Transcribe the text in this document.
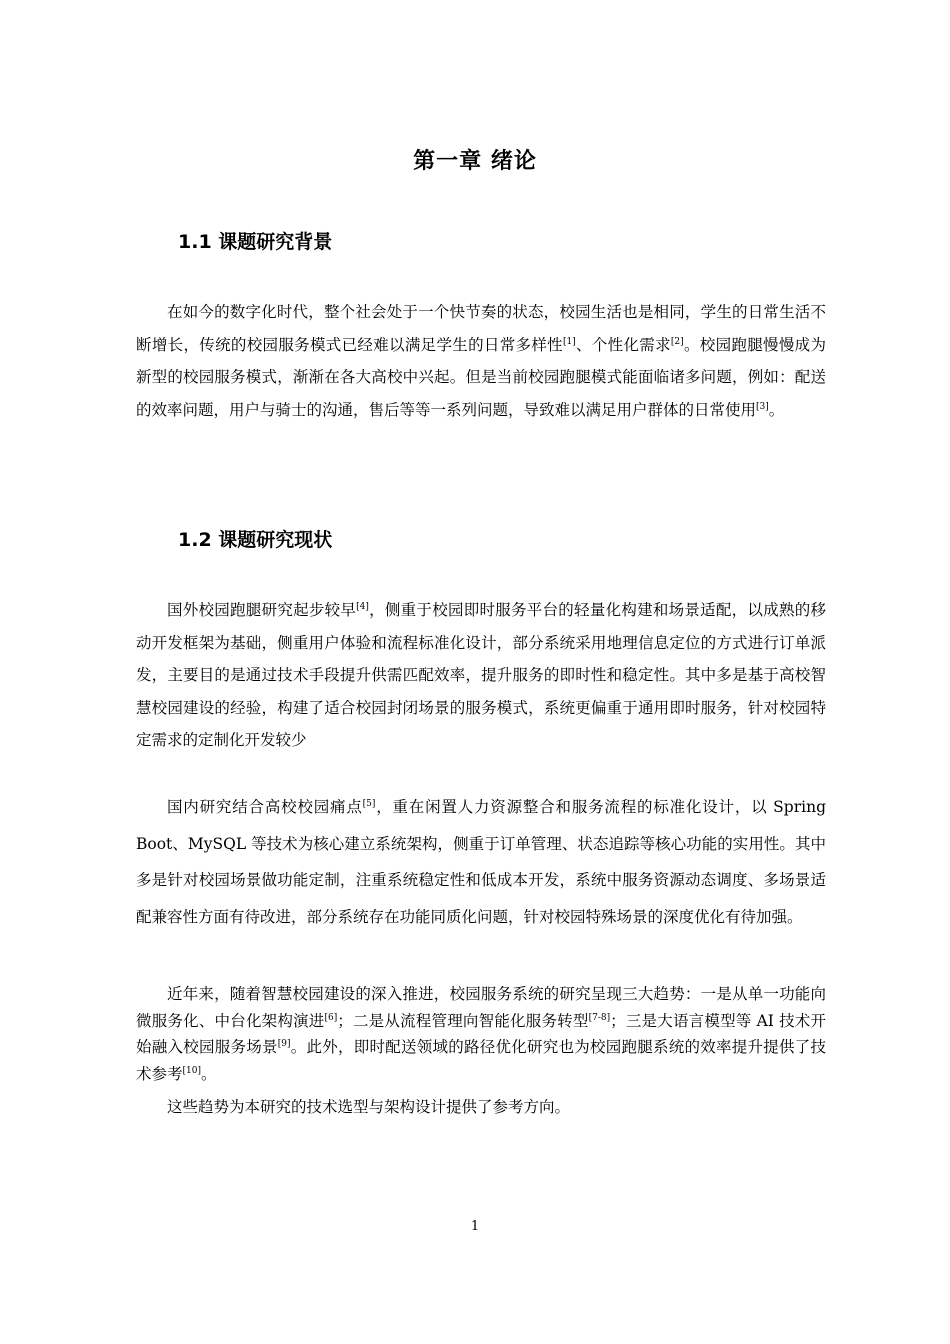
第一章 绪论
1.1 课题研究背景

在如今的数字化时代，整个社会处于一个快节奏的状态，校园生活也是相同，学生的日常生活不断增长，传统的校园服务模式已经难以满足学生的日常多样性[1]、个性化需求[2]。校园跑腿慢慢成为新型的校园服务模式，渐渐在各大高校中兴起。但是当前校园跑腿模式能面临诸多问题，例如：配送的效率问题，用户与骑士的沟通，售后等等一系列问题，导致难以满足用户群体的日常使用[3]。

1.2 课题研究现状

国外校园跑腿研究起步较早[4]，侧重于校园即时服务平台的轻量化构建和场景适配，以成熟的移动开发框架为基础，侧重用户体验和流程标准化设计，部分系统采用地理信息定位的方式进行订单派发，主要目的是通过技术手段提升供需匹配效率，提升服务的即时性和稳定性。其中多是基于高校智慧校园建设的经验，构建了适合校园封闭场景的服务模式，系统更偏重于通用即时服务，针对校园特定需求的定制化开发较少

国内研究结合高校校园痛点[5]，重在闲置人力资源整合和服务流程的标准化设计，以 Spring Boot、MySQL 等技术为核心建立系统架构，侧重于订单管理、状态追踪等核心功能的实用性。其中多是针对校园场景做功能定制，注重系统稳定性和低成本开发，系统中服务资源动态调度、多场景适配兼容性方面有待改进，部分系统存在功能同质化问题，针对校园特殊场景的深度优化有待加强。

近年来，随着智慧校园建设的深入推进，校园服务系统的研究呈现三大趋势：一是从单一功能向微服务化、中台化架构演进[6]；二是从流程管理向智能化服务转型[7-8]；三是大语言模型等 AI 技术开始融入校园服务场景[9]。此外，即时配送领域的路径优化研究也为校园跑腿系统的效率提升提供了技术参考[10]。

这些趋势为本研究的技术选型与架构设计提供了参考方向。

1
